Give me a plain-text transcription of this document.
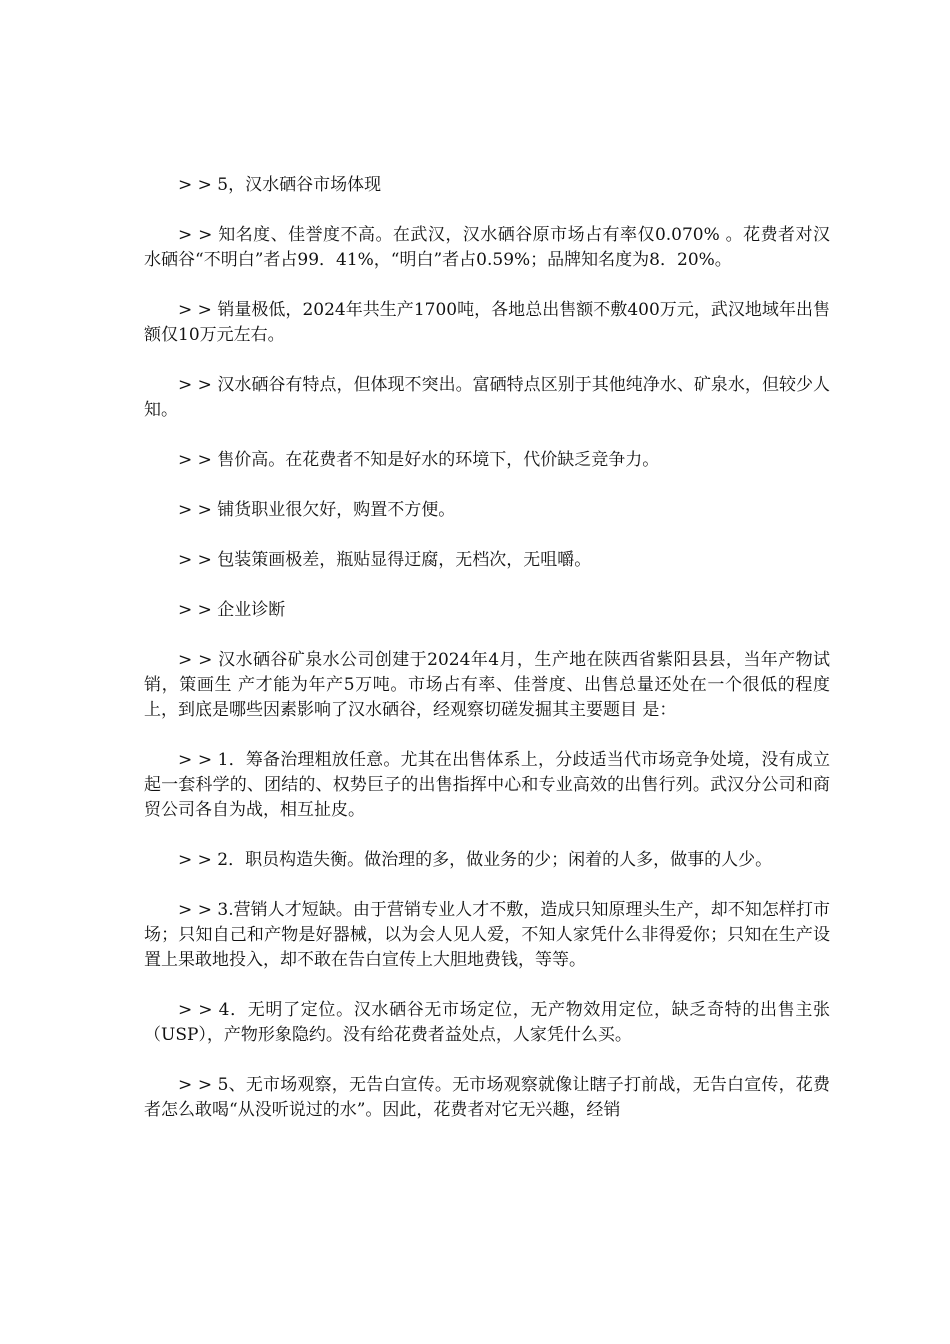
> > 5，汉水硒谷市场体现

> > 知名度、佳誉度不高。在武汉，汉水硒谷原市场占有率仅0.070% 。花费者对汉水硒谷“不明白”者占99．41%，“明白”者占0.59%；品牌知名度为8．20%。

> > 销量极低，2024年共生产1700吨，各地总出售额不敷400万元，武汉地域年出售额仅10万元左右。

> > 汉水硒谷有特点，但体现不突出。富硒特点区别于其他纯净水、矿泉水，但较少人知。

> > 售价高。在花费者不知是好水的环境下，代价缺乏竞争力。

> > 铺货职业很欠好，购置不方便。

> > 包装策画极差，瓶贴显得迂腐，无档次，无咀嚼。

> > 企业诊断

> > 汉水硒谷矿泉水公司创建于2024年4月，生产地在陕西省紫阳县县，当年产物试销，策画生 产才能为年产5万吨。市场占有率、佳誉度、出售总量还处在一个很低的程度上，到底是哪些因素影响了汉水硒谷，经观察切磋发掘其主要题目 是：

> > 1．筹备治理粗放任意。尤其在出售体系上，分歧适当代市场竞争处境，没有成立起一套科学的、团结的、权势巨子的出售指挥中心和专业高效的出售行列。武汉分公司和商贸公司各自为战，相互扯皮。

> > 2．职员构造失衡。做治理的多，做业务的少；闲着的人多，做事的人少。

> > 3.营销人才短缺。由于营销专业人才不敷，造成只知原理头生产，却不知怎样打市场；只知自己和产物是好器械，以为会人见人爱，不知人家凭什么非得爱你；只知在生产设置上果敢地投入，却不敢在告白宣传上大胆地费钱，等等。

> > 4．无明了定位。汉水硒谷无市场定位，无产物效用定位，缺乏奇特的出售主张（USP），产物形象隐约。没有给花费者益处点，人家凭什么买。

> > 5、无市场观察，无告白宣传。无市场观察就像让瞎子打前战，无告白宣传，花费者怎么敢喝“从没听说过的水”。因此，花费者对它无兴趣，经销
